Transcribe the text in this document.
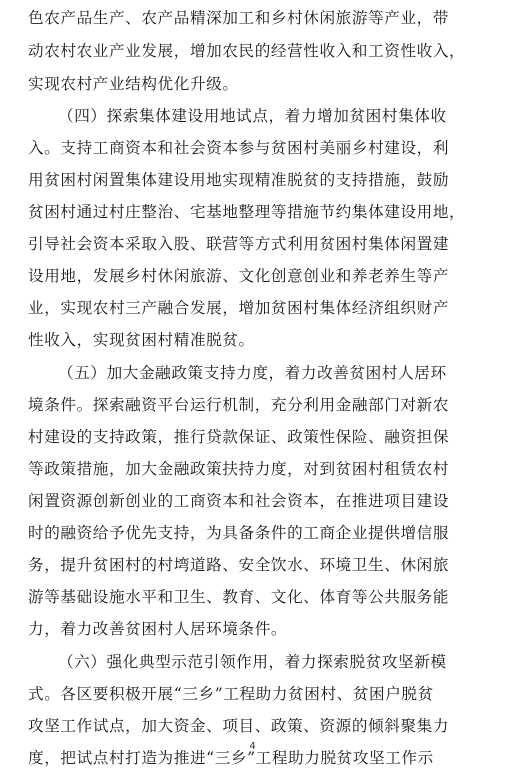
色农产品生产、农产品精深加工和乡村休闲旅游等产业，带
动农村农业产业发展，增加农民的经营性收入和工资性收入，
实现农村产业结构优化升级。
（四）探索集体建设用地试点，着力增加贫困村集体收
入。支持工商资本和社会资本参与贫困村美丽乡村建设，利
用贫困村闲置集体建设用地实现精准脱贫的支持措施，鼓励
贫困村通过村庄整治、宅基地整理等措施节约集体建设用地，
引导社会资本采取入股、联营等方式利用贫困村集体闲置建
设用地，发展乡村休闲旅游、文化创意创业和养老养生等产
业，实现农村三产融合发展，增加贫困村集体经济组织财产
性收入，实现贫困村精准脱贫。
（五）加大金融政策支持力度，着力改善贫困村人居环
境条件。探索融资平台运行机制，充分利用金融部门对新农
村建设的支持政策，推行贷款保证、政策性保险、融资担保
等政策措施，加大金融政策扶持力度，对到贫困村租赁农村
闲置资源创新创业的工商资本和社会资本，在推进项目建设
时的融资给予优先支持，为具备条件的工商企业提供增信服
务，提升贫困村的村塆道路、安全饮水、环境卫生、休闲旅
游等基础设施水平和卫生、教育、文化、体育等公共服务能
力，着力改善贫困村人居环境条件。
（六）强化典型示范引领作用，着力探索脱贫攻坚新模
式。各区要积极开展“三乡”工程助力贫困村、贫困户脱贫
攻坚工作试点，加大资金、项目、政策、资源的倾斜聚集力
度，把试点村打造为推进“三乡”工程助力脱贫攻坚工作示
4
